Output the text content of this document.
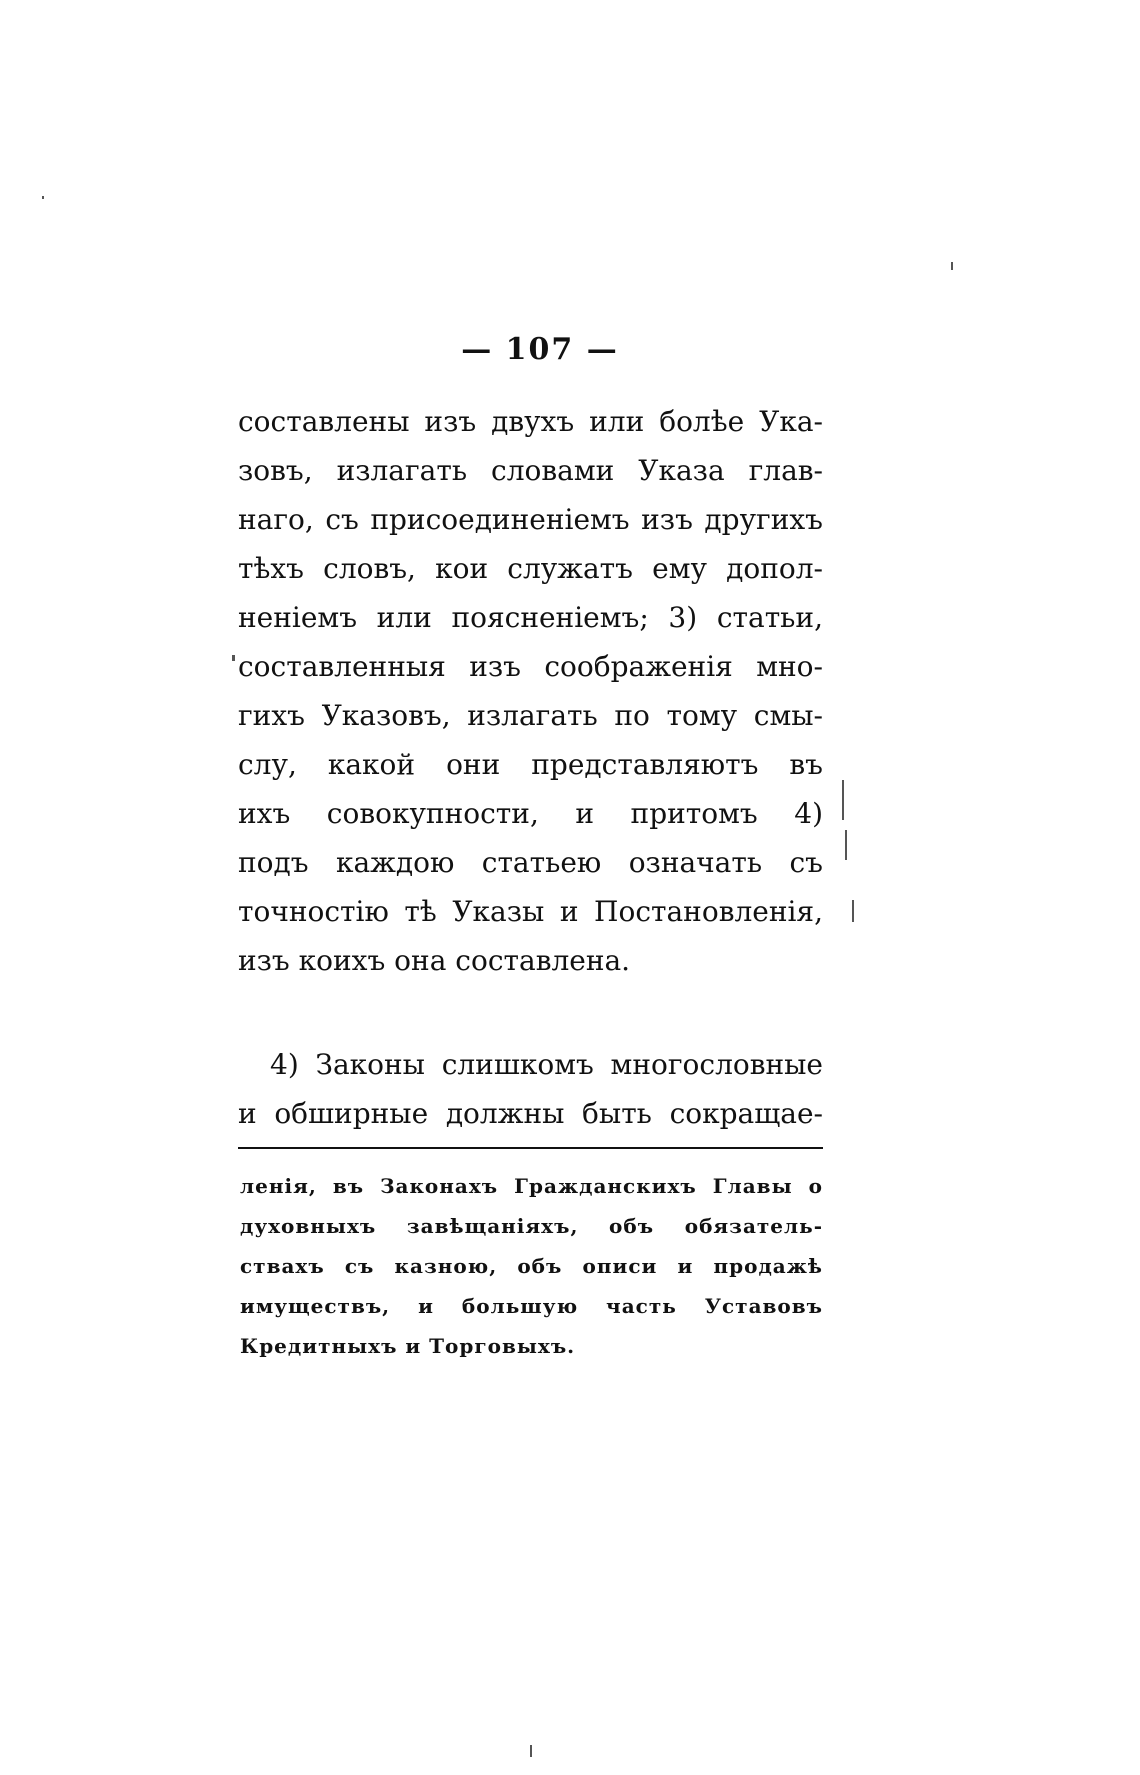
— 107 —
составлены изъ двухъ или болѣе Ука-
зовъ, излагать словами Указа глав-
наго, съ присоединенiемъ изъ другихъ
тѣхъ словъ, кои служатъ ему допол-
ненiемъ или поясненiемъ; 3) статьи,
составленныя изъ соображенiя мно-
гихъ Указовъ, излагать по тому смы-
слу, какой они представляютъ въ
ихъ совокупности, и притомъ 4)
подъ каждою статьею означать съ
точностiю тѣ Указы и Постановленiя,
изъ коихъ она составлена.
4) Законы слишкомъ многословные
и обширные должны быть сокращае-
ленiя, въ Законахъ Гражданскихъ Главы о
духовныхъ завѣщанiяхъ, объ обязатель-
ствахъ съ казною, объ описи и продажѣ
имуществъ, и большую часть Уставовъ
Кредитныхъ и Торговыхъ.
